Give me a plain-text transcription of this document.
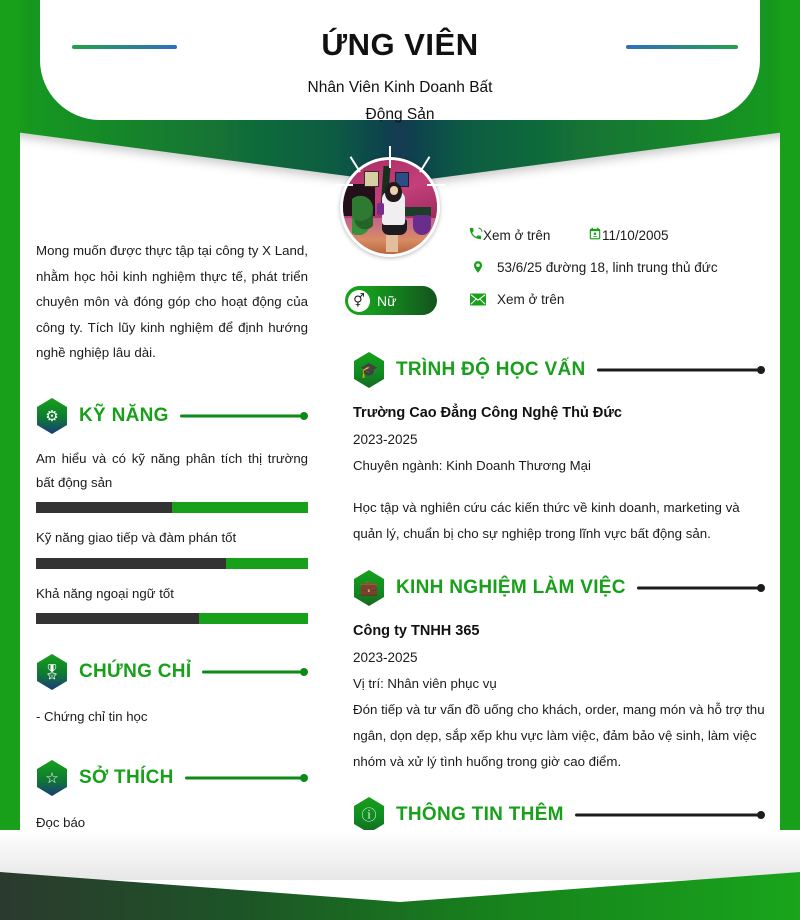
ỨNG VIÊN
Nhân Viên Kinh Doanh Bất
Động Sản
⚥ Nữ
Xem ở trên	11/10/2005
53/6/25 đường 18, linh trung thủ đức
Xem ở trên
Mong muốn được thực tập tại công ty X Land, nhằm học hỏi kinh nghiệm thực tế, phát triển chuyên môn và đóng góp cho hoạt động của công ty. Tích lũy kinh nghiệm để định hướng nghề nghiệp lâu dài.
⚙	KỸ NĂNG
Am hiểu và có kỹ năng phân tích thị trường bất động sản
Kỹ năng giao tiếp và đàm phán tốt
Khả năng ngoại ngữ tốt
🎖 CHỨNG CHỈ
- Chứng chỉ tin học
☆	SỞ THÍCH
Đọc báo
🎓 TRÌNH ĐỘ HỌC VẤN
Trường Cao Đẳng Công Nghệ Thủ Đức
2023-2025
Chuyên ngành: Kinh Doanh Thương Mại
Học tập và nghiên cứu các kiến thức về kinh doanh, marketing và quản lý, chuẩn bị cho sự nghiệp trong lĩnh vực bất động sản.
💼 KINH NGHIỆM LÀM VIỆC
Công ty TNHH 365
2023-2025
Vị trí: Nhân viên phục vụ
Đón tiếp và tư vấn đồ uống cho khách, order, mang món và hỗ trợ thu ngân, dọn dẹp, sắp xếp khu vực làm việc, đảm bảo vệ sinh, làm việc nhóm và xử lý tình huống trong giờ cao điểm.
ⓘ	THÔNG TIN THÊM
